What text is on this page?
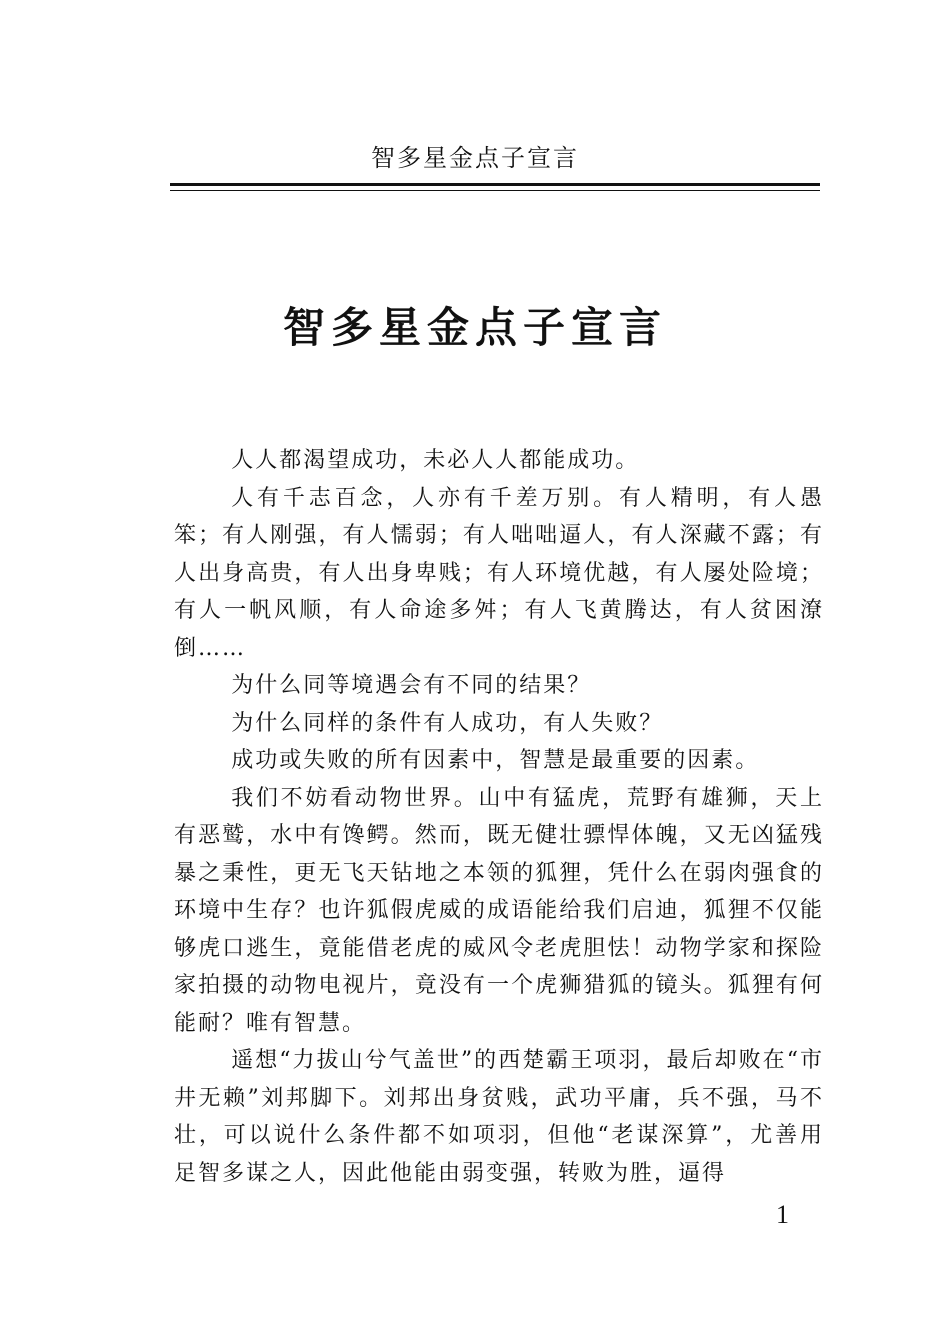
智多星金点子宣言
智多星金点子宣言

人人都渴望成功，未必人人都能成功。

人有千志百念，人亦有千差万别。有人精明，有人愚笨；有人刚强，有人懦弱；有人咄咄逼人，有人深藏不露；有人出身高贵，有人出身卑贱；有人环境优越，有人屡处险境；有人一帆风顺，有人命途多舛；有人飞黄腾达，有人贫困潦倒……

为什么同等境遇会有不同的结果？

为什么同样的条件有人成功，有人失败？

成功或失败的所有因素中，智慧是最重要的因素。

我们不妨看动物世界。山中有猛虎，荒野有雄狮，天上有恶鹫，水中有馋鳄。然而，既无健壮骠悍体魄，又无凶猛残暴之秉性，更无飞天钻地之本领的狐狸，凭什么在弱肉强食的环境中生存？也许狐假虎威的成语能给我们启迪，狐狸不仅能够虎口逃生，竟能借老虎的威风令老虎胆怯！动物学家和探险家拍摄的动物电视片，竟没有一个虎狮猎狐的镜头。狐狸有何能耐？唯有智慧。

遥想“力拔山兮气盖世”的西楚霸王项羽，最后却败在“市井无赖”刘邦脚下。刘邦出身贫贱，武功平庸，兵不强，马不壮，可以说什么条件都不如项羽，但他“老谋深算”，尤善用足智多谋之人，因此他能由弱变强，转败为胜，逼得

1
